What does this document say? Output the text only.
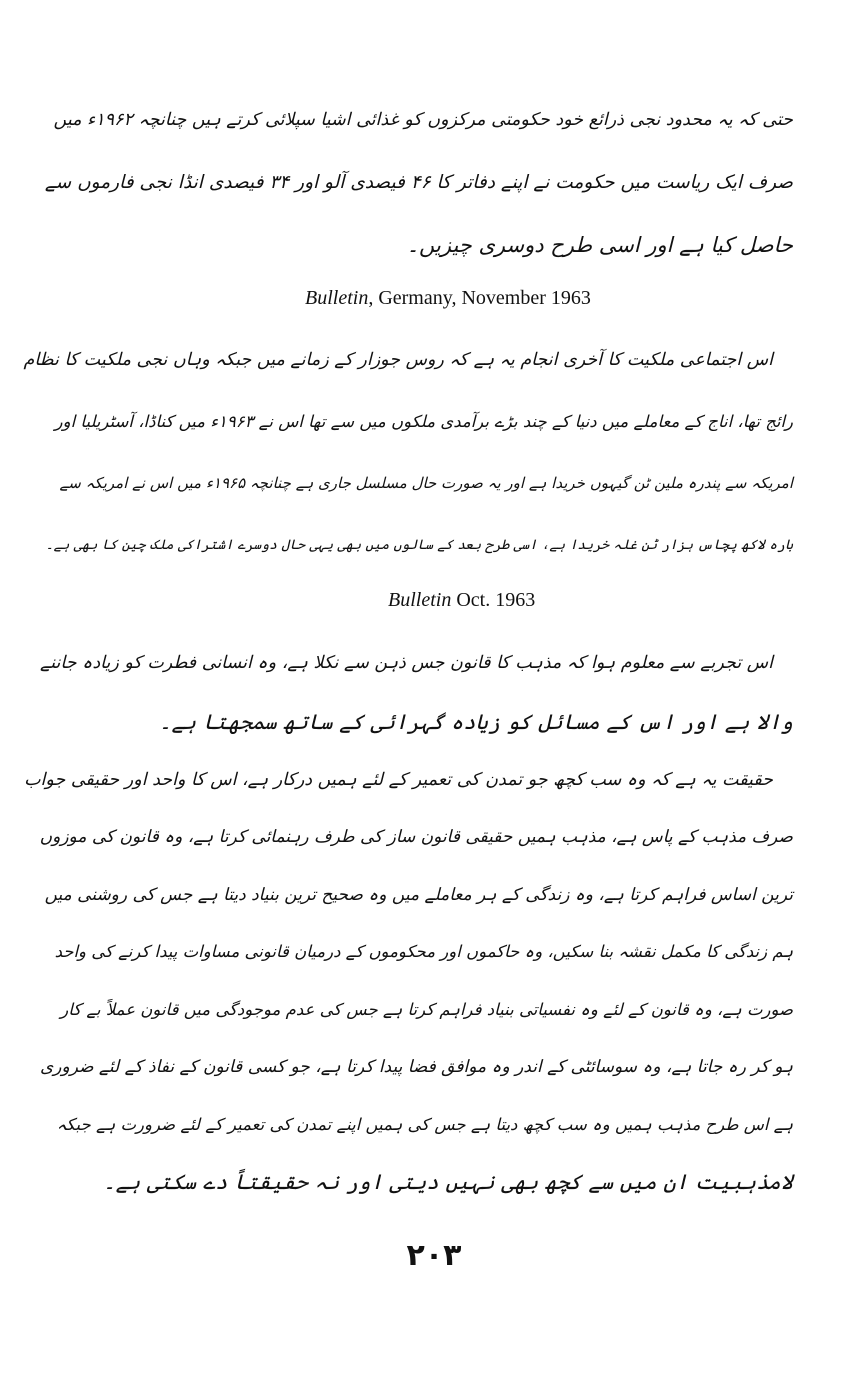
حتی کہ یہ محدود نجی ذرائع خود حکومتی مرکزوں کو غذائی اشیا سپلائی کرتے ہیں چنانچہ ۱۹۶۲ء میں
صرف ایک ریاست میں حکومت نے اپنے دفاتر کا ۴۶ فیصدی آلو اور ۳۴ فیصدی انڈا نجی فارموں سے
حاصل کیا ہے اور اسی طرح دوسری چیزیں۔
Bulletin, Germany, November 1963
اس اجتماعی ملکیت کا آخری انجام یہ ہے کہ روس جوزار کے زمانے میں جبکہ وہاں نجی ملکیت کا نظام
رائج تھا، اناج کے معاملے میں دنیا کے چند بڑے برآمدی ملکوں میں سے تھا اس نے ۱۹۶۳ء میں کناڈا، آسٹریلیا اور
امریکہ سے پندرہ ملین ٹن گیہوں خریدا ہے اور یہ صورت حال مسلسل جاری ہے چنانچہ ۱۹۶۵ء میں اس نے امریکہ سے
بارہ لاکھ پچاس ہزار ٹن غلہ خریدا ہے، اسی طرح بعد کے سالوں میں بھی یہی حال دوسرے اشتراکی ملک چین کا بھی ہے۔
Bulletin Oct. 1963
اس تجربے سے معلوم ہوا کہ مذہب کا قانون جس ذہن سے نکلا ہے، وہ انسانی فطرت کو زیادہ جاننے
والا ہے اور اس کے مسائل کو زیادہ گہرائی کے ساتھ سمجھتا ہے۔
حقیقت یہ ہے کہ وہ سب کچھ جو تمدن کی تعمیر کے لئے ہمیں درکار ہے، اس کا واحد اور حقیقی جواب
صرف مذہب کے پاس ہے، مذہب ہمیں حقیقی قانون ساز کی طرف رہنمائی کرتا ہے، وہ قانون کی موزوں
ترین اساس فراہم کرتا ہے، وہ زندگی کے ہر معاملے میں وہ صحیح ترین بنیاد دیتا ہے جس کی روشنی میں
ہم زندگی کا مکمل نقشہ بنا سکیں، وہ حاکموں اور محکوموں کے درمیان قانونی مساوات پیدا کرنے کی واحد
صورت ہے، وہ قانون کے لئے وہ نفسیاتی بنیاد فراہم کرتا ہے جس کی عدم موجودگی میں قانون عملاً بے کار
ہو کر رہ جاتا ہے، وہ سوسائٹی کے اندر وہ موافق فضا پیدا کرتا ہے، جو کسی قانون کے نفاذ کے لئے ضروری
ہے اس طرح مذہب ہمیں وہ سب کچھ دیتا ہے جس کی ہمیں اپنے تمدن کی تعمیر کے لئے ضرورت ہے جبکہ
لامذہبیت ان میں سے کچھ بھی نہیں دیتی اور نہ حقیقتاً دے سکتی ہے۔
۲۰۳
